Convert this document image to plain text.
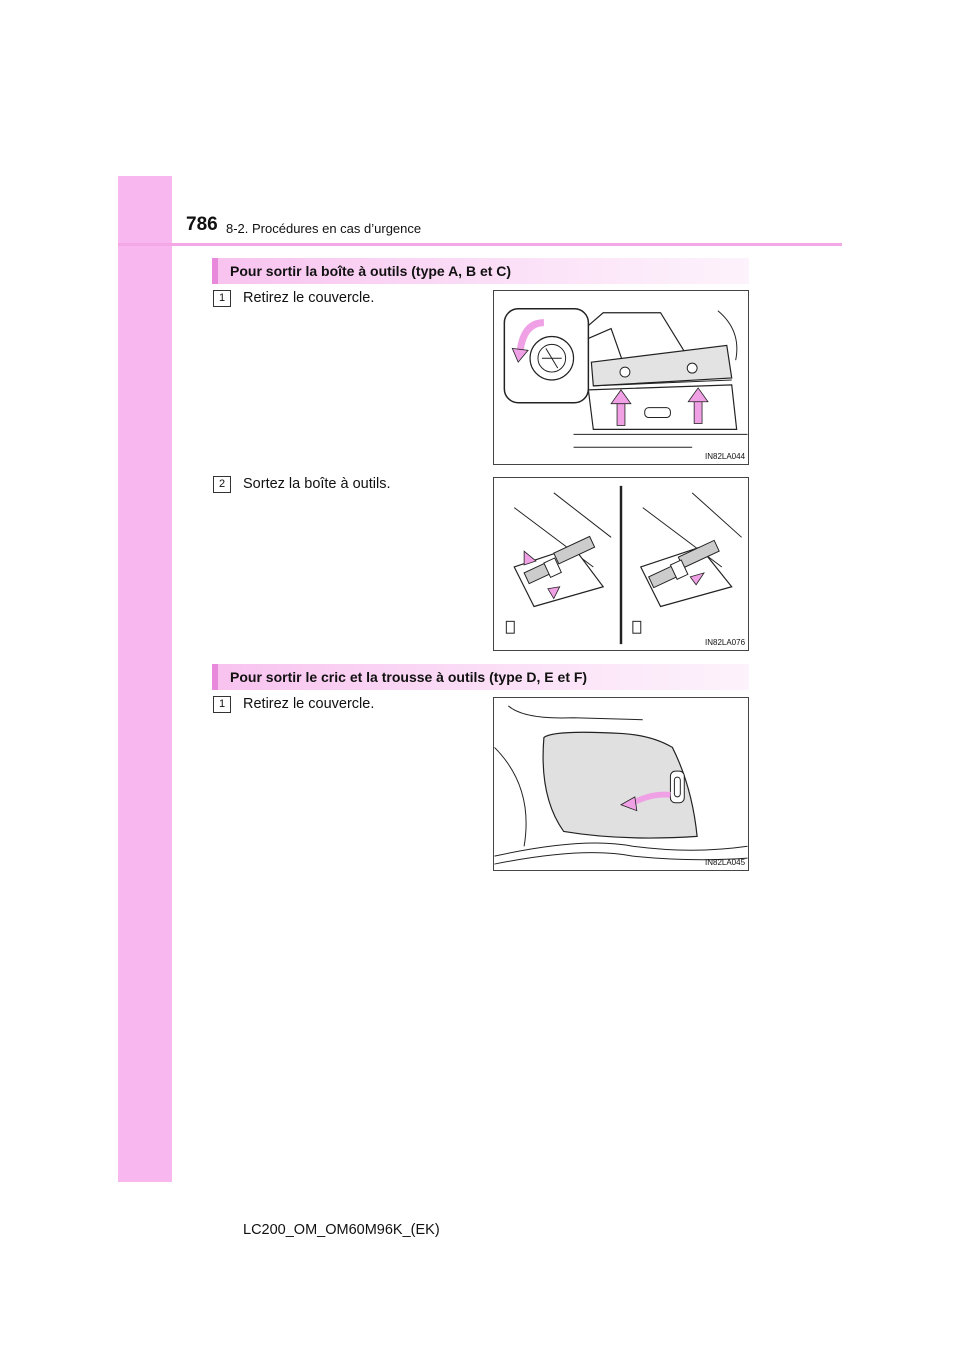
786 8-2. Procédures en cas d’urgence
Pour sortir la boîte à outils (type A, B et C)
1	Retirez le couvercle.
IN82LA044
2	Sortez la boîte à outils.
IN82LA076
Pour sortir le cric et la trousse à outils (type D, E et F)
1	Retirez le couvercle.
IN82LA045
LC200_OM_OM60M96K_(EK)
